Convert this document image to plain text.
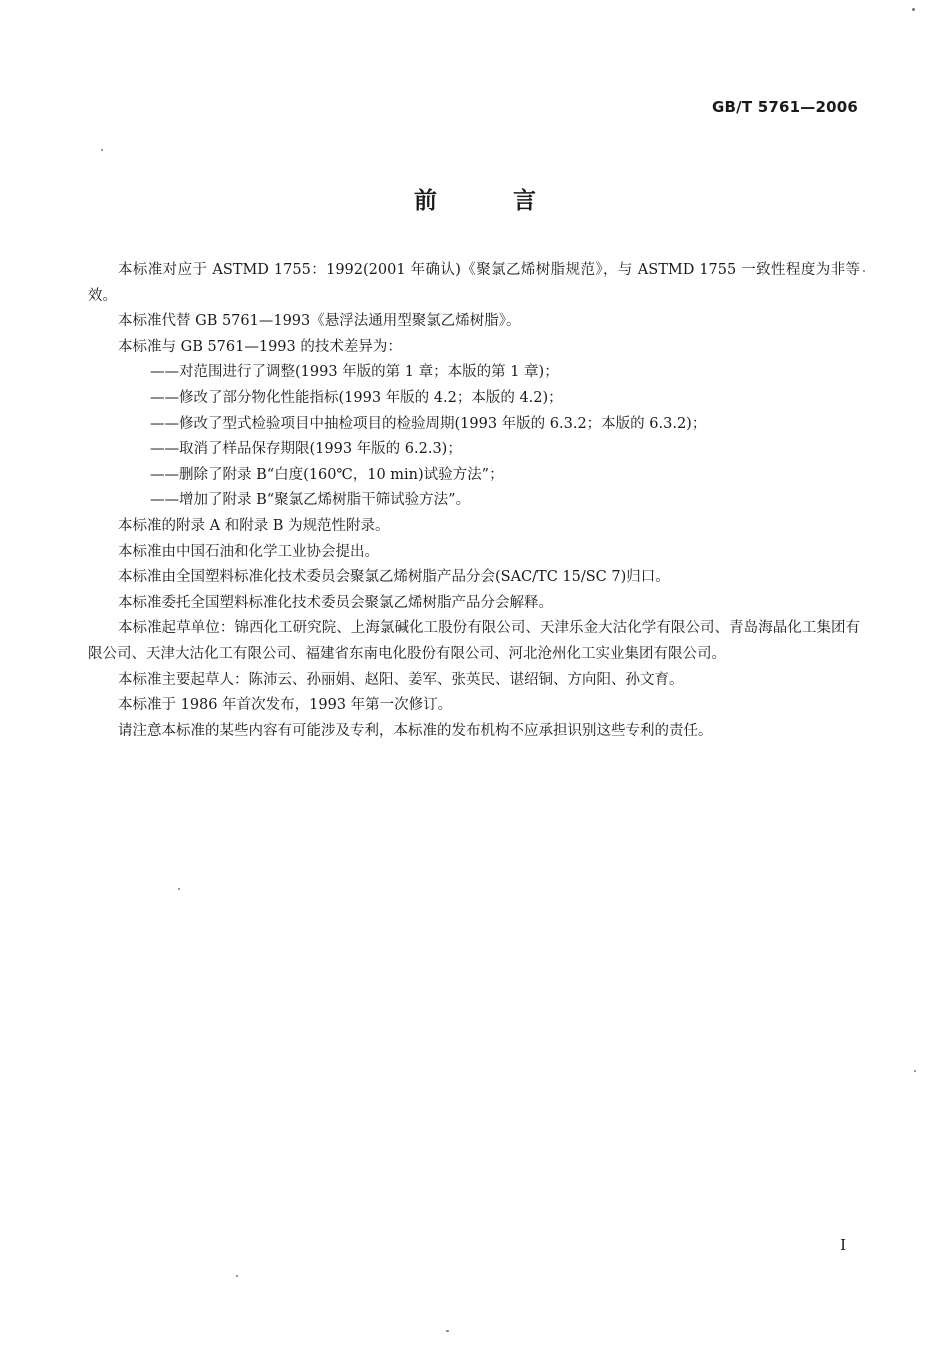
GB/T 5761—2006
前 言

本标准对应于 ASTMD 1755：1992(2001 年确认)《聚氯乙烯树脂规范》，与 ASTMD 1755 一致性程度为非等效。

本标准代替 GB 5761—1993《悬浮法通用型聚氯乙烯树脂》。

本标准与 GB 5761—1993 的技术差异为：

——对范围进行了调整(1993 年版的第 1 章；本版的第 1 章)；

——修改了部分物化性能指标(1993 年版的 4.2；本版的 4.2)；

——修改了型式检验项目中抽检项目的检验周期(1993 年版的 6.3.2；本版的 6.3.2)；

——取消了样品保存期限(1993 年版的 6.2.3)；

——删除了附录 B“白度(160℃，10 min)试验方法”；

——增加了附录 B“聚氯乙烯树脂干筛试验方法”。

本标准的附录 A 和附录 B 为规范性附录。

本标准由中国石油和化学工业协会提出。

本标准由全国塑料标准化技术委员会聚氯乙烯树脂产品分会(SAC/TC 15/SC 7)归口。

本标准委托全国塑料标准化技术委员会聚氯乙烯树脂产品分会解释。

本标准起草单位：锦西化工研究院、上海氯碱化工股份有限公司、天津乐金大沽化学有限公司、青岛海晶化工集团有限公司、天津大沽化工有限公司、福建省东南电化股份有限公司、河北沧州化工实业集团有限公司。

本标准主要起草人：陈沛云、孙丽娟、赵阳、姜军、张英民、谌绍铜、方向阳、孙文育。

本标准于 1986 年首次发布，1993 年第一次修订。

请注意本标准的某些内容有可能涉及专利，本标准的发布机构不应承担识别这些专利的责任。

I
